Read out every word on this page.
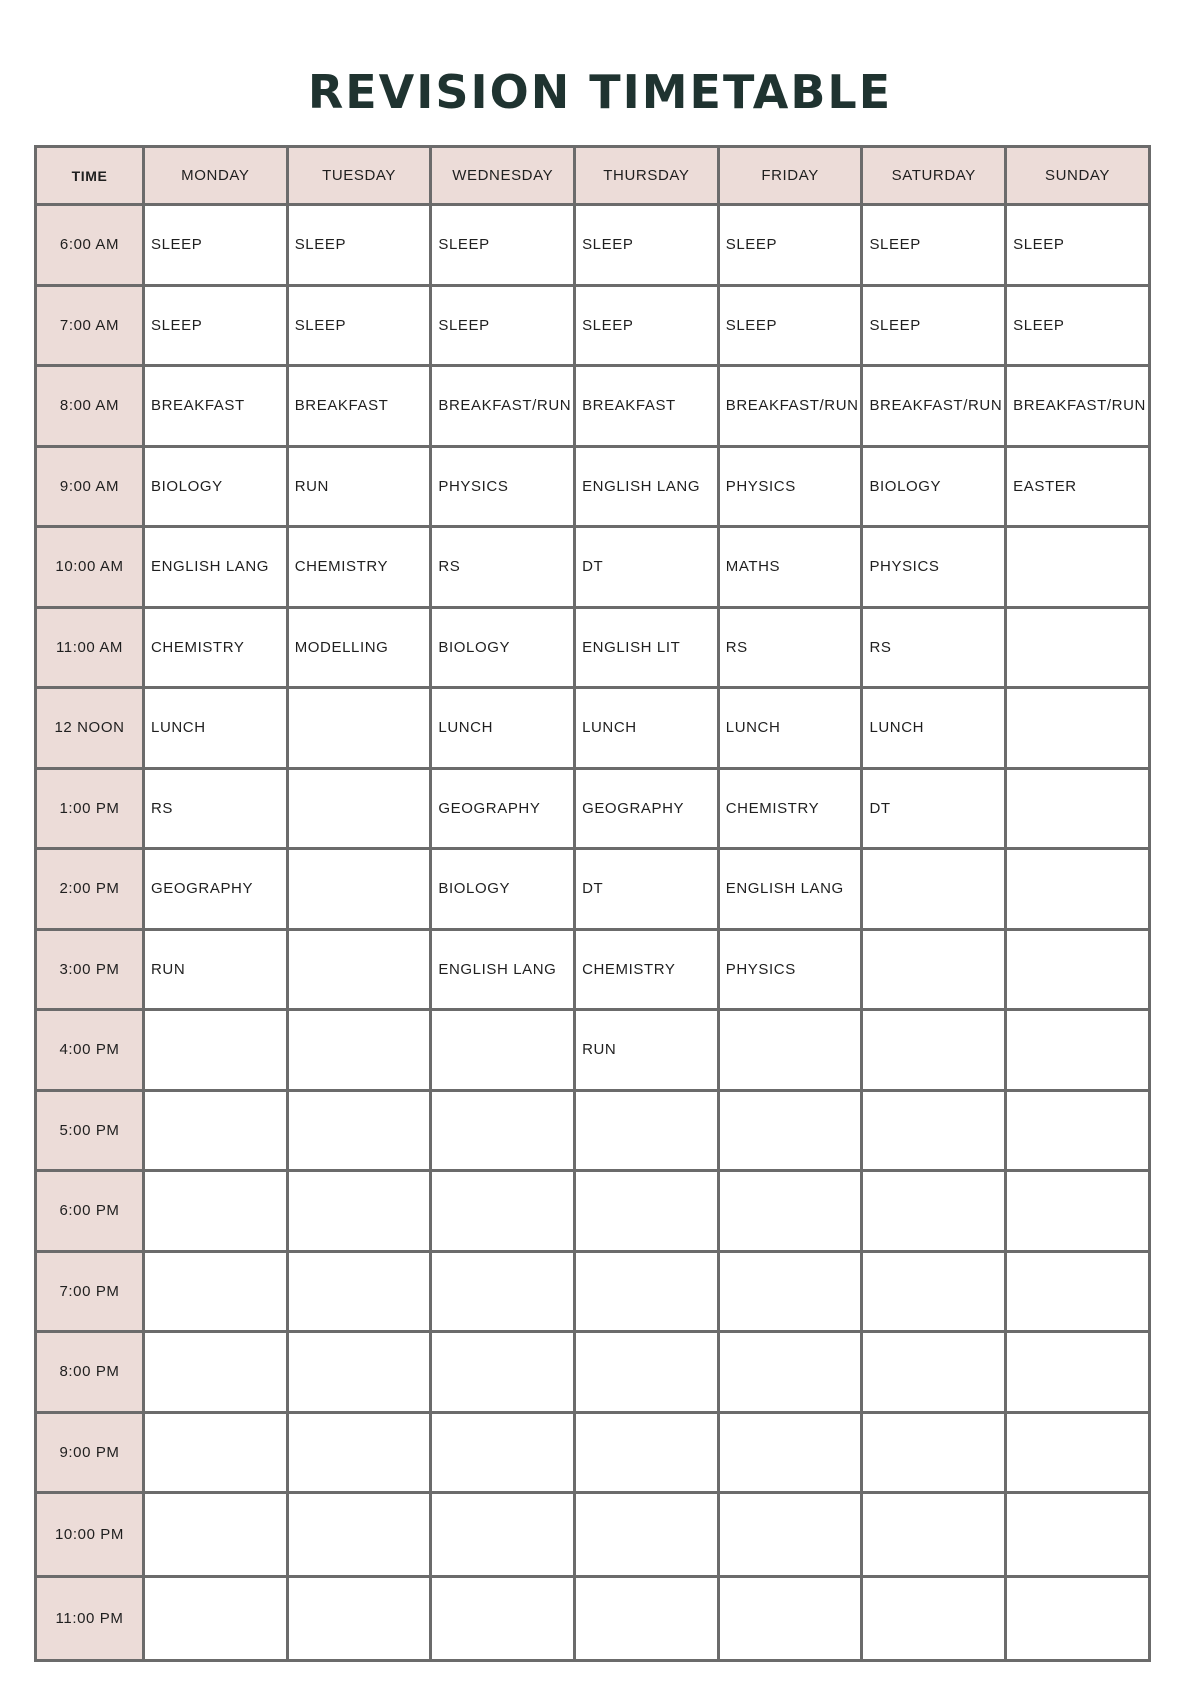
REVISION TIMETABLE
TIME	MONDAY	TUESDAY	WEDNESDAY	THURSDAY	FRIDAY	SATURDAY	SUNDAY
6:00 AM	SLEEP	SLEEP	SLEEP	SLEEP	SLEEP	SLEEP	SLEEP
7:00 AM	SLEEP	SLEEP	SLEEP	SLEEP	SLEEP	SLEEP	SLEEP
8:00 AM	BREAKFAST	BREAKFAST	BREAKFAST/RUN	BREAKFAST	BREAKFAST/RUN	BREAKFAST/RUN	BREAKFAST/RUN
9:00 AM	BIOLOGY	RUN	PHYSICS	ENGLISH LANG	PHYSICS	BIOLOGY	EASTER
10:00 AM	ENGLISH LANG	CHEMISTRY	RS	DT	MATHS	PHYSICS	
11:00 AM	CHEMISTRY	MODELLING	BIOLOGY	ENGLISH LIT	RS	RS	
12 NOON	LUNCH		LUNCH	LUNCH	LUNCH	LUNCH	
1:00 PM	RS		GEOGRAPHY	GEOGRAPHY	CHEMISTRY	DT	
2:00 PM	GEOGRAPHY		BIOLOGY	DT	ENGLISH LANG		
3:00 PM	RUN		ENGLISH LANG	CHEMISTRY	PHYSICS		
4:00 PM				RUN			
5:00 PM							
6:00 PM							
7:00 PM							
8:00 PM							
9:00 PM							
10:00 PM							
11:00 PM							
